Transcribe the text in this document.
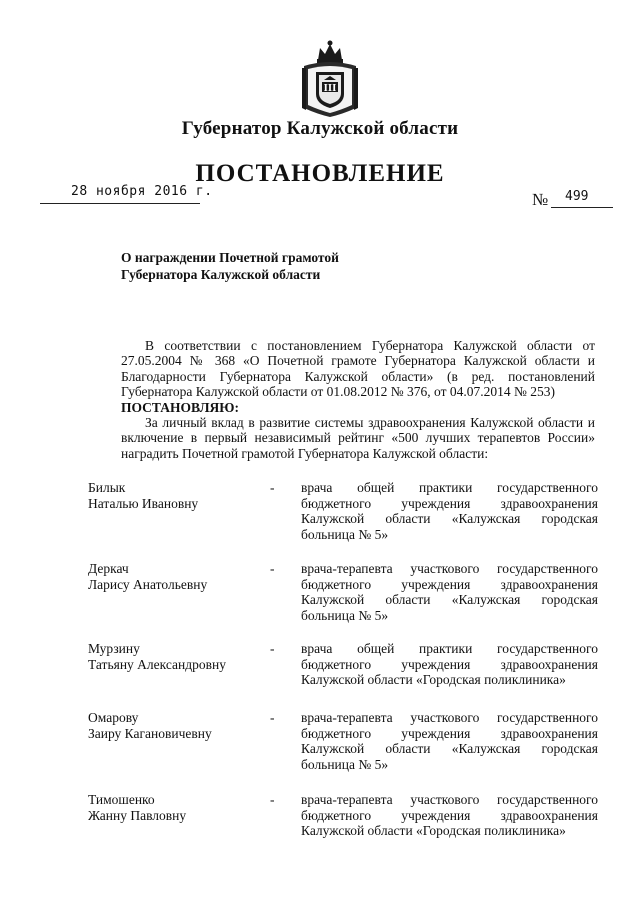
III
Губернатор Калужской области
ПОСТАНОВЛЕНИЕ
28 ноября 2016 г.	№ 499
О награждении Почетной грамотой
Губернатора Калужской области

В соответствии с постановлением Губернатора Калужской области от 27.05.2004 № 368 «О Почетной грамоте Губернатора Калужской области и Благодарности Губернатора Калужской области» (в ред. постановлений Губернатора Калужской области от 01.08.2012 № 376, от 04.07.2014 № 253)

ПОСТАНОВЛЯЮ:

За личный вклад в развитие системы здравоохранения Калужской области и включение в первый независимый рейтинг «500 лучших терапевтов России» наградить Почетной грамотой Губернатора Калужской области:

Билык
Наталью Ивановну
- врача общей практики государственного бюджетного учреждения здравоохранения Калужской области «Калужская городская больница № 5»
Деркач
Ларису Анатольевну
- врача-терапевта участкового государственного бюджетного учреждения здравоохранения Калужской области «Калужская городская больница № 5»
Мурзину
Татьяну Александровну
- врача общей практики государственного бюджетного учреждения здравоохранения Калужской области «Городская поликлиника»
Омарову
Заиру Кагановичевну
- врача-терапевта участкового государственного бюджетного учреждения здравоохранения Калужской области «Калужская городская больница № 5»
Тимошенко
Жанну Павловну
- врача-терапевта участкового государственного бюджетного учреждения здравоохранения Калужской области «Городская поликлиника»
